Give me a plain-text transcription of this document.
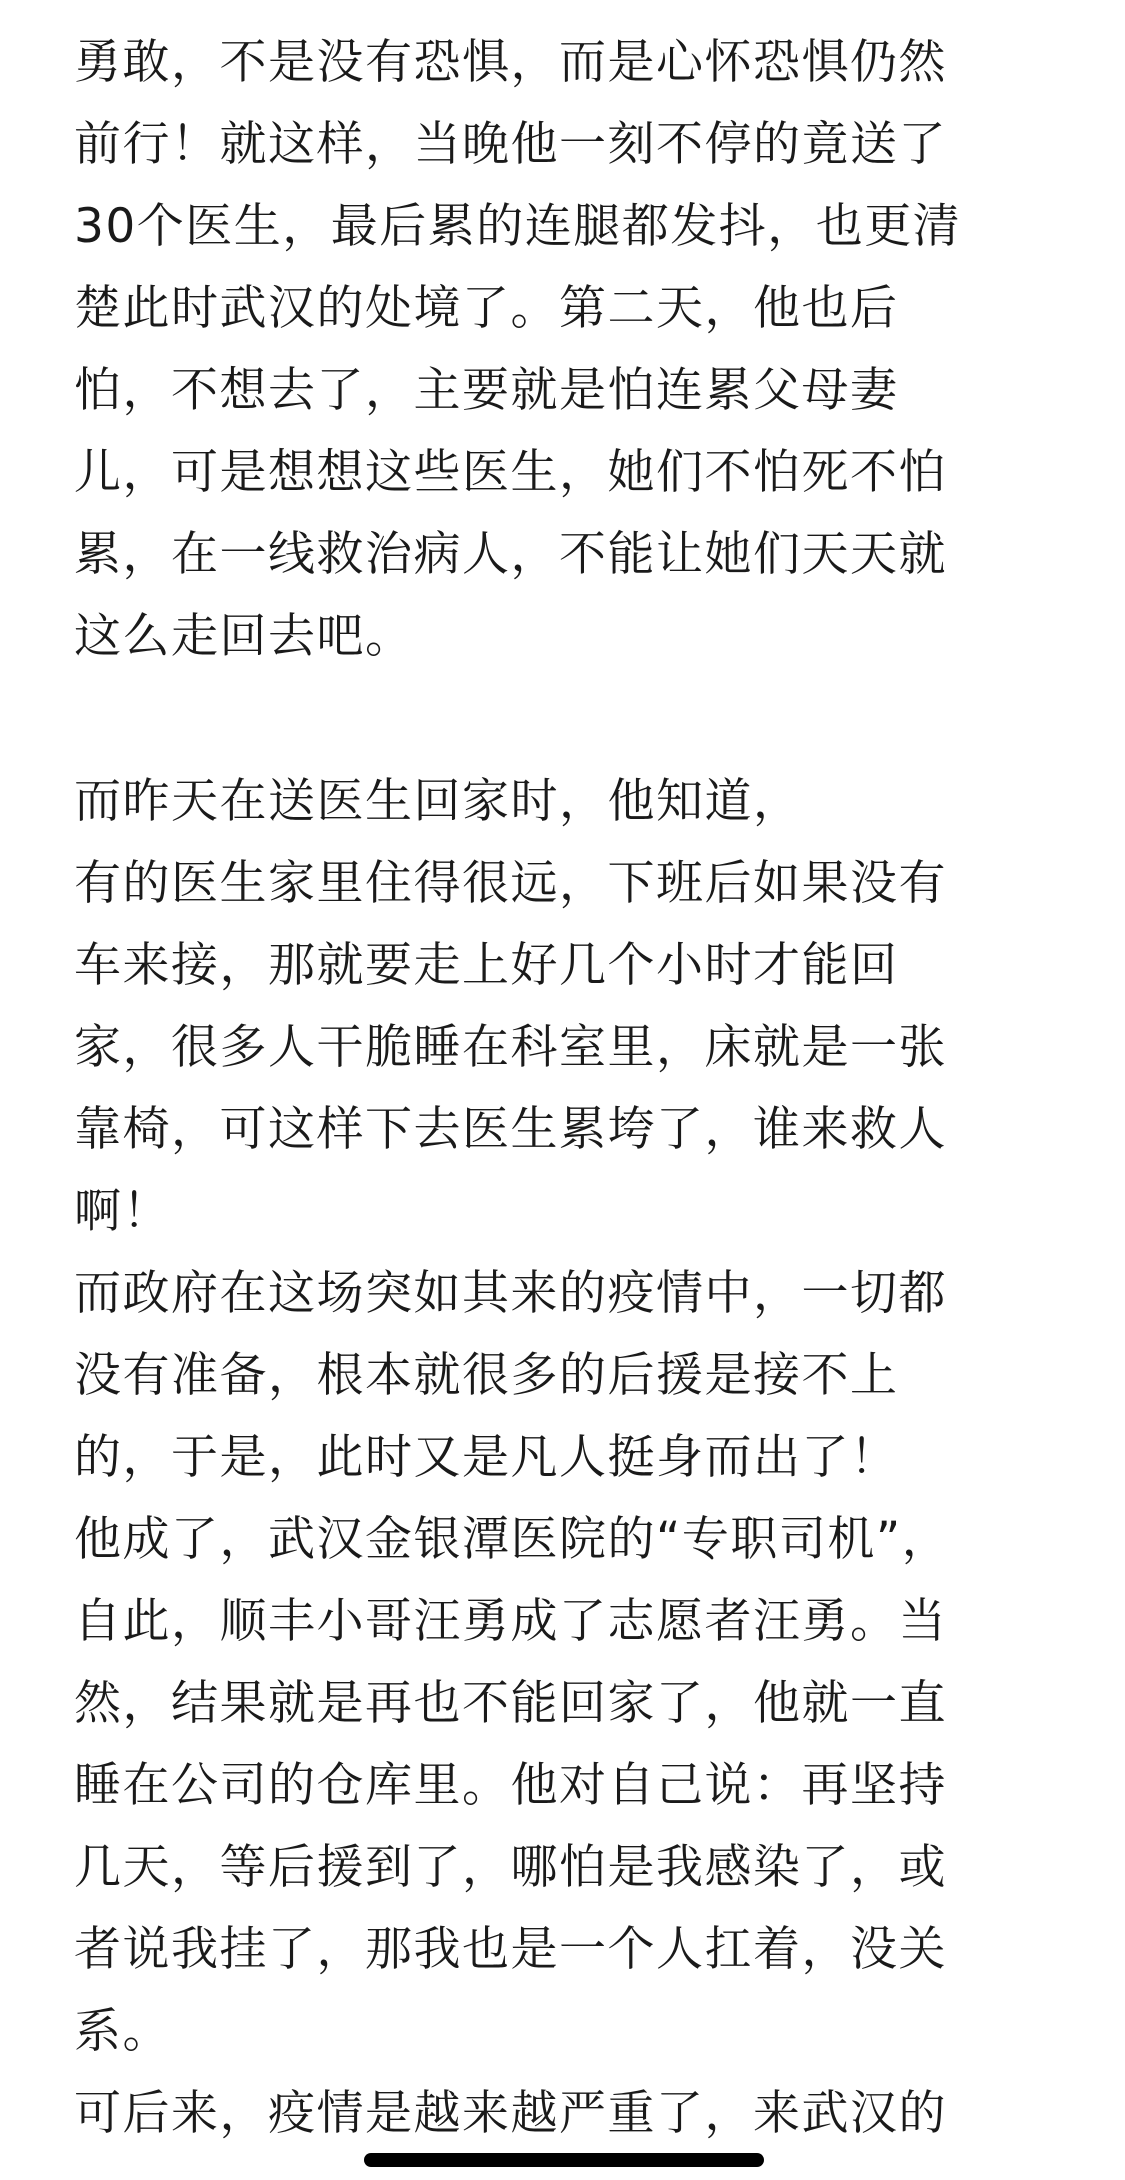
勇敢，不是没有恐惧，而是心怀恐惧仍然
前行！就这样，当晚他一刻不停的竟送了
30个医生，最后累的连腿都发抖，也更清
楚此时武汉的处境了。第二天，他也后
怕，不想去了，主要就是怕连累父母妻
儿，可是想想这些医生，她们不怕死不怕
累，在一线救治病人，不能让她们天天就
这么走回去吧。
而昨天在送医生回家时，他知道，
有的医生家里住得很远，下班后如果没有
车来接，那就要走上好几个小时才能回
家，很多人干脆睡在科室里，床就是一张
靠椅，可这样下去医生累垮了，谁来救人
啊！
而政府在这场突如其来的疫情中，一切都
没有准备，根本就很多的后援是接不上
的，于是，此时又是凡人挺身而出了！
他成了，武汉金银潭医院的“专职司机”，
自此，顺丰小哥汪勇成了志愿者汪勇。当
然，结果就是再也不能回家了，他就一直
睡在公司的仓库里。他对自己说：再坚持
几天，等后援到了，哪怕是我感染了，或
者说我挂了，那我也是一个人扛着，没关
系。
可后来，疫情是越来越严重了，来武汉的
